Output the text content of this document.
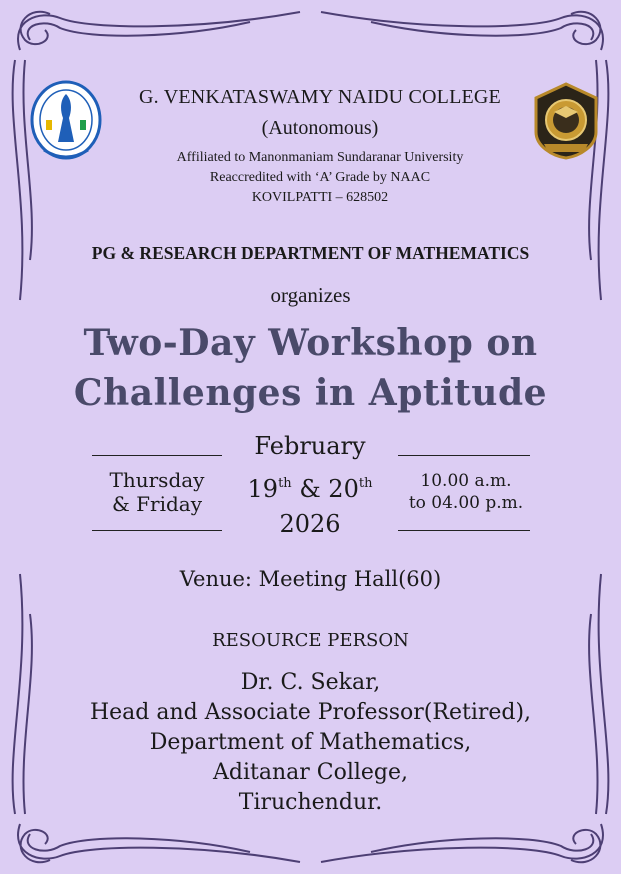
G. VENKATASWAMY NAIDU COLLEGE
(Autonomous)
Affiliated to Manonmaniam Sundaranar University
Reaccredited with ‘A’ Grade by NAAC
KOVILPATTI – 628502
PG & RESEARCH DEPARTMENT OF MATHEMATICS
organizes
Two-Day Workshop on
Challenges in Aptitude
February
Thursday
& Friday
19th & 20th
2026
10.00 a.m.
to 04.00 p.m.
Venue: Meeting Hall(60)
RESOURCE PERSON
Dr. C. Sekar,
Head and Associate Professor(Retired),
Department of Mathematics,
Aditanar College,
Tiruchendur.
